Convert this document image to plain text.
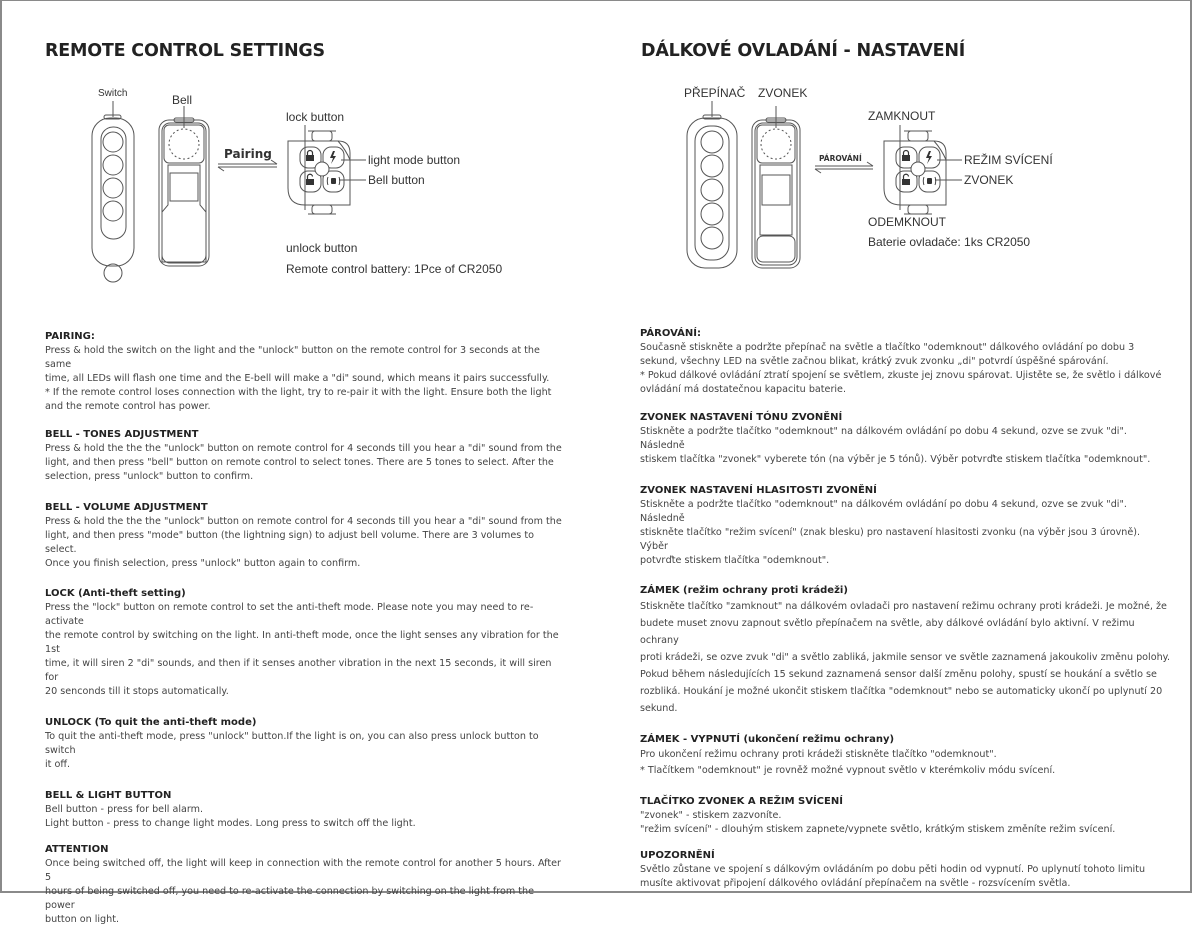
REMOTE CONTROL SETTINGS
Switch	Bell
Pairing
lock button
light mode button
Bell button
unlock button
Remote control battery: 1Pce of CR2050
PAIRING:

Press & hold the switch on the light and the "unlock" button on the remote control for 3 seconds at the same

time, all LEDs will flash one time and the E-bell will make a "di" sound, which means it pairs successfully.

* If the remote control loses connection with the light, try to re-pair it with the light. Ensure both the light

and the remote control has power.

BELL - TONES ADJUSTMENT

Press & hold the the the "unlock" button on remote control for 4 seconds till you hear a "di" sound from the

light, and then press "bell" button on remote control to select tones. There are 5 tones to select. After the

selection, press "unlock" button to confirm.

BELL - VOLUME ADJUSTMENT

Press & hold the the the "unlock" button on remote control for 4 seconds till you hear a "di" sound from the

light, and then press "mode" button (the lightning sign) to adjust bell volume. There are 3 volumes to select.

Once you finish selection, press "unlock" button again to confirm.

LOCK (Anti-theft setting)

Press the "lock" button on remote control to set the anti-theft mode. Please note you may need to re-activate

the remote control by switching on the light. In anti-theft mode, once the light senses any vibration for the 1st

time, it will siren 2 "di" sounds, and then if it senses another vibration in the next 15 seconds, it will siren for

20 senconds till it stops automatically.

UNLOCK (To quit the anti-theft mode)

To quit the anti-theft mode, press "unlock" button.If the light is on, you can also press unlock button to switch

it off.

BELL & LIGHT BUTTON

Bell button - press for bell alarm.

Light button - press to change light modes. Long press to switch off the light.

ATTENTION

Once being switched off, the light will keep in connection with the remote control for another 5 hours. After 5

hours of being switched off, you need to re-activate the connection by switching on the light from the power

button on light.

DÁLKOVÉ OVLADÁNÍ - NASTAVENÍ
PŘEPÍNAČ ZVONEK
PÁROVÁNÍ
ZAMKNOUT
REŽIM SVÍCENÍ
ZVONEK
ODEMKNOUT
Baterie ovladače: 1ks CR2050
PÁROVÁNÍ:

Současně stiskněte a podržte přepínač na světle a tlačítko "odemknout" dálkového ovládání po dobu 3

sekund, všechny LED na světle začnou blikat, krátký zvuk zvonku „di" potvrdí úspěšné spárování.

* Pokud dálkové ovládání ztratí spojení se světlem, zkuste jej znovu spárovat. Ujistěte se, že světlo i dálkové

ovládání má dostatečnou kapacitu baterie.

ZVONEK NASTAVENÍ TÓNU ZVONĚNÍ

Stiskněte a podržte tlačítko "odemknout" na dálkovém ovládání po dobu 4 sekund, ozve se zvuk "di". Následně

stiskem tlačítka "zvonek" vyberete tón (na výběr je 5 tónů). Výběr potvrďte stiskem tlačítka "odemknout".

ZVONEK NASTAVENÍ HLASITOSTI ZVONĚNÍ

Stiskněte a podržte tlačítko "odemknout" na dálkovém ovládání po dobu 4 sekund, ozve se zvuk "di". Následně

stiskněte tlačítko "režim svícení" (znak blesku) pro nastavení hlasitosti zvonku (na výběr jsou 3 úrovně). Výběr

potvrďte stiskem tlačítka "odemknout".

ZÁMEK (režim ochrany proti krádeži)

Stiskněte tlačítko "zamknout" na dálkovém ovladači pro nastavení režimu ochrany proti krádeži. Je možné, že

budete muset znovu zapnout světlo přepínačem na světle, aby dálkové ovládání bylo aktivní. V režimu ochrany

proti krádeži, se ozve zvuk "di" a světlo zabliká, jakmile sensor ve světle zaznamená jakoukoliv změnu polohy.

Pokud během následujících 15 sekund zaznamená sensor další změnu polohy, spustí se houkání a světlo se

rozbliká. Houkání je možné ukončit stiskem tlačítka "odemknout" nebo se automaticky ukončí po uplynutí 20

sekund.

ZÁMEK - VYPNUTÍ (ukončení režimu ochrany)

Pro ukončení režimu ochrany proti krádeži stiskněte tlačítko "odemknout".

* Tlačítkem "odemknout" je rovněž možné vypnout světlo v kterémkoliv módu svícení.

TLAČÍTKO ZVONEK A REŽIM SVÍCENÍ

"zvonek" - stiskem zazvoníte.

"režim svícení" - dlouhým stiskem zapnete/vypnete světlo, krátkým stiskem změníte režim svícení.

UPOZORNĚNÍ

Světlo zůstane ve spojení s dálkovým ovládáním po dobu pěti hodin od vypnutí. Po uplynutí tohoto limitu

musíte aktivovat připojení dálkového ovládání přepínačem na světle - rozsvícením světla.
